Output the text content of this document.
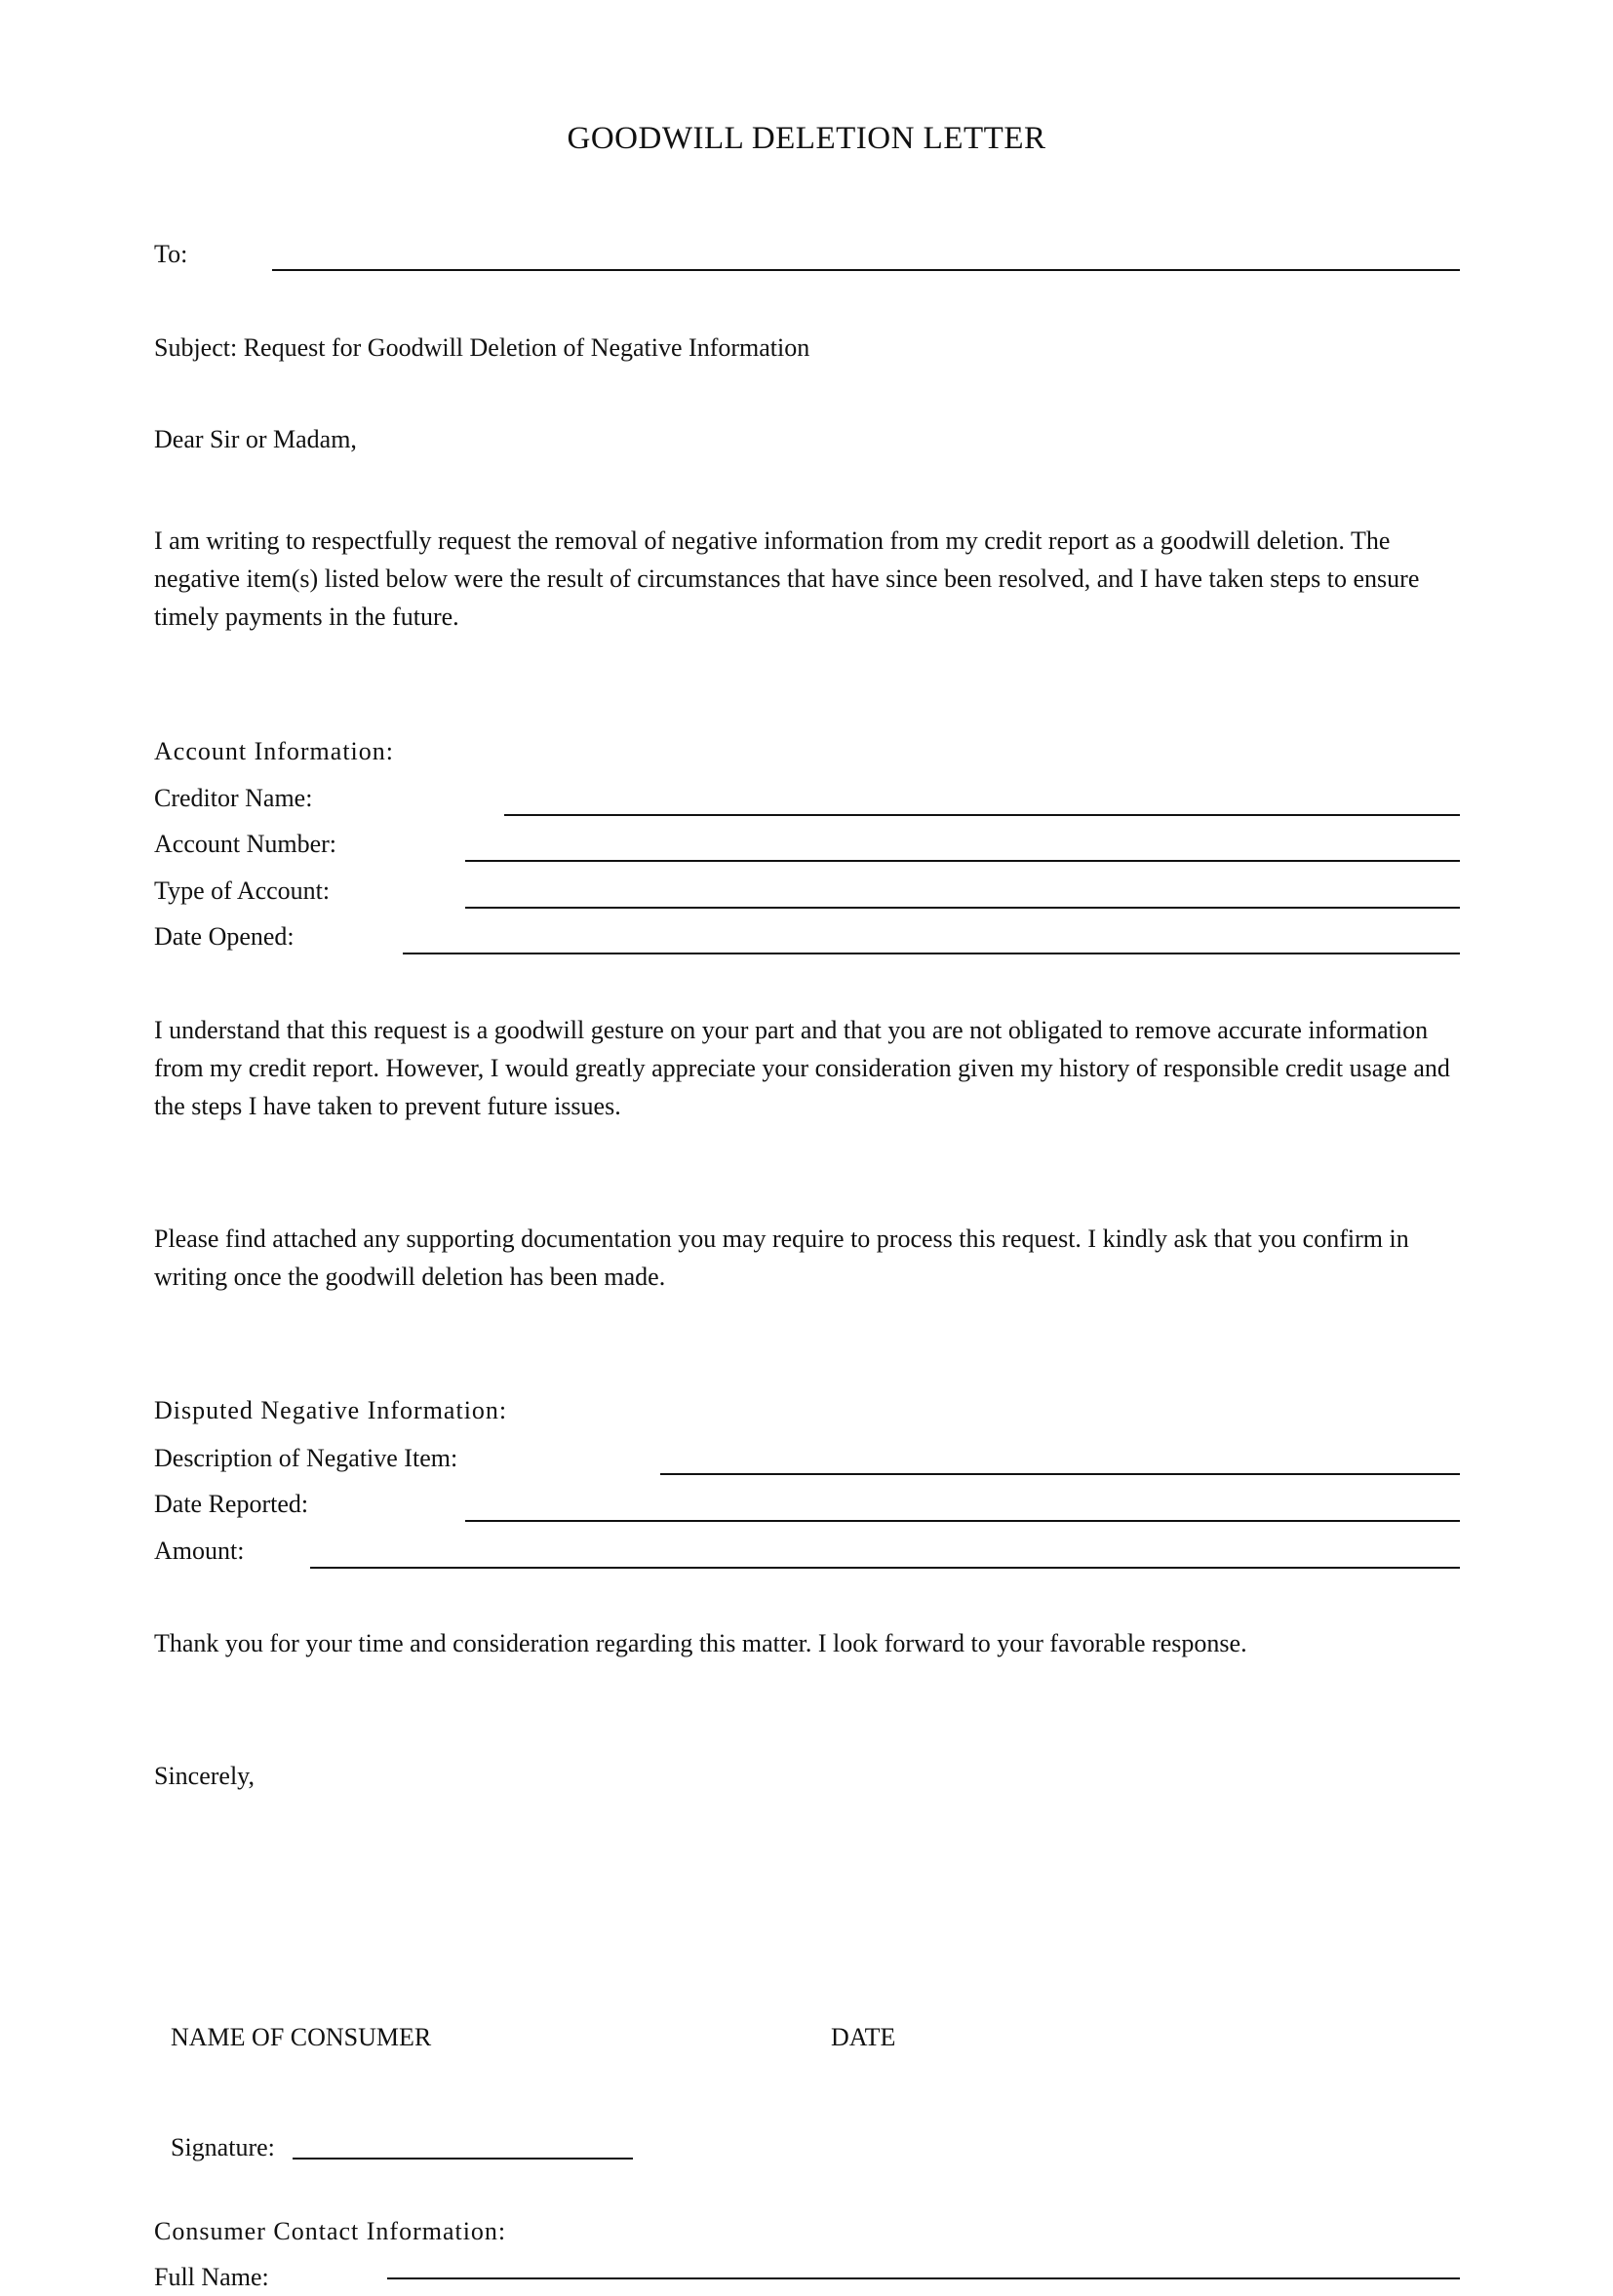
GOODWILL DELETION LETTER
To:
Subject: Request for Goodwill Deletion of Negative Information
Dear Sir or Madam,
I am writing to respectfully request the removal of negative information from my credit report as a goodwill deletion. The negative item(s) listed below were the result of circumstances that have since been resolved, and I have taken steps to ensure timely payments in the future.
Account Information:
Creditor Name:
Account Number:
Type of Account:
Date Opened:
I understand that this request is a goodwill gesture on your part and that you are not obligated to remove accurate information from my credit report. However, I would greatly appreciate your consideration given my history of responsible credit usage and the steps I have taken to prevent future issues.
Please find attached any supporting documentation you may require to process this request. I kindly ask that you confirm in writing once the goodwill deletion has been made.
Disputed Negative Information:
Description of Negative Item:
Date Reported:
Amount:
Thank you for your time and consideration regarding this matter. I look forward to your favorable response.
Sincerely,
NAME OF CONSUMER	DATE
Signature:
Consumer Contact Information:
Full Name:
